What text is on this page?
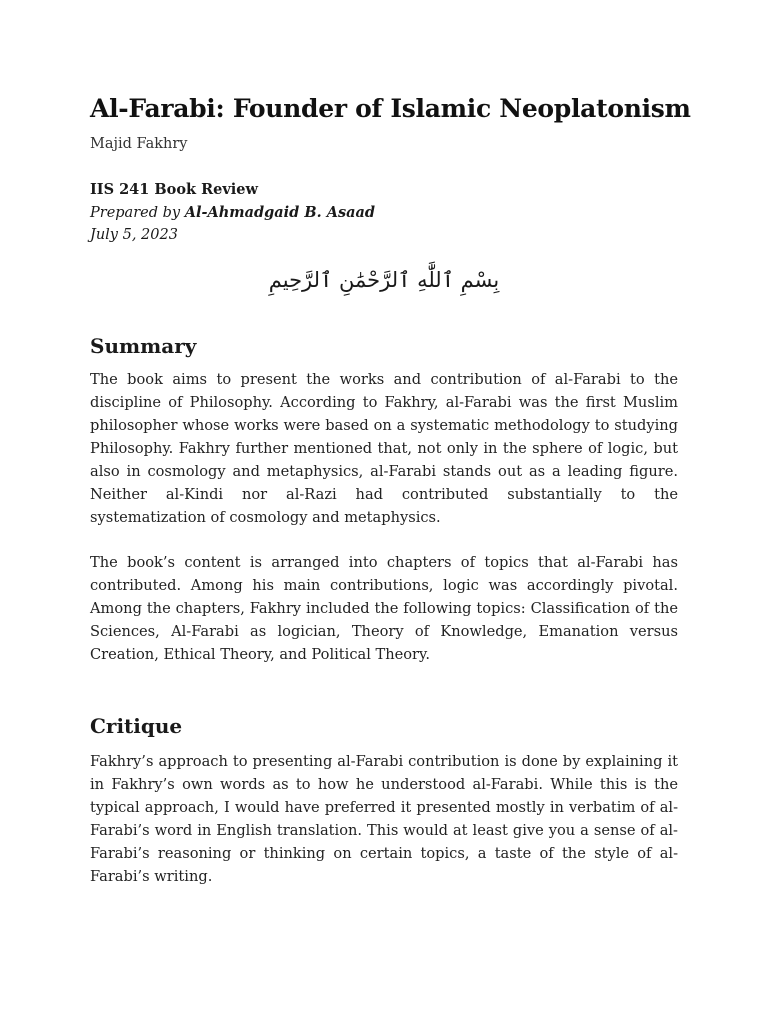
Al-Farabi: Founder of Islamic Neoplatonism

Majid Fakhry

IIS 241 Book Review

Prepared by Al-Ahmadgaid B. Asaad

July 5, 2023

بِسْمِ ٱللَّٰهِ ٱلرَّحْمَٰنِ ٱلرَّحِيمِ
Summary

The book aims to present the works and contribution of al-Farabi to the discipline of Philosophy. According to Fakhry, al-Farabi was the first Muslim philosopher whose works were based on a systematic methodology to studying Philosophy. Fakhry further mentioned that, not only in the sphere of logic, but also in cosmology and metaphysics, al-Farabi stands out as a leading figure. Neither al-Kindi nor al-Razi had contributed substantially to the systematization of cosmology and metaphysics.

The book’s content is arranged into chapters of topics that al-Farabi has contributed. Among his main contributions, logic was accordingly pivotal. Among the chapters, Fakhry included the following topics: Classification of the Sciences, Al-Farabi as logician, Theory of Knowledge, Emanation versus Creation, Ethical Theory, and Political Theory.

Critique

Fakhry’s approach to presenting al-Farabi contribution is done by explaining it in Fakhry’s own words as to how he understood al-Farabi. While this is the typical approach, I would have preferred it presented mostly in verbatim of al-Farabi’s word in English translation. This would at least give you a sense of al-Farabi’s reasoning or thinking on certain topics, a taste of the style of al-Farabi’s writing.
